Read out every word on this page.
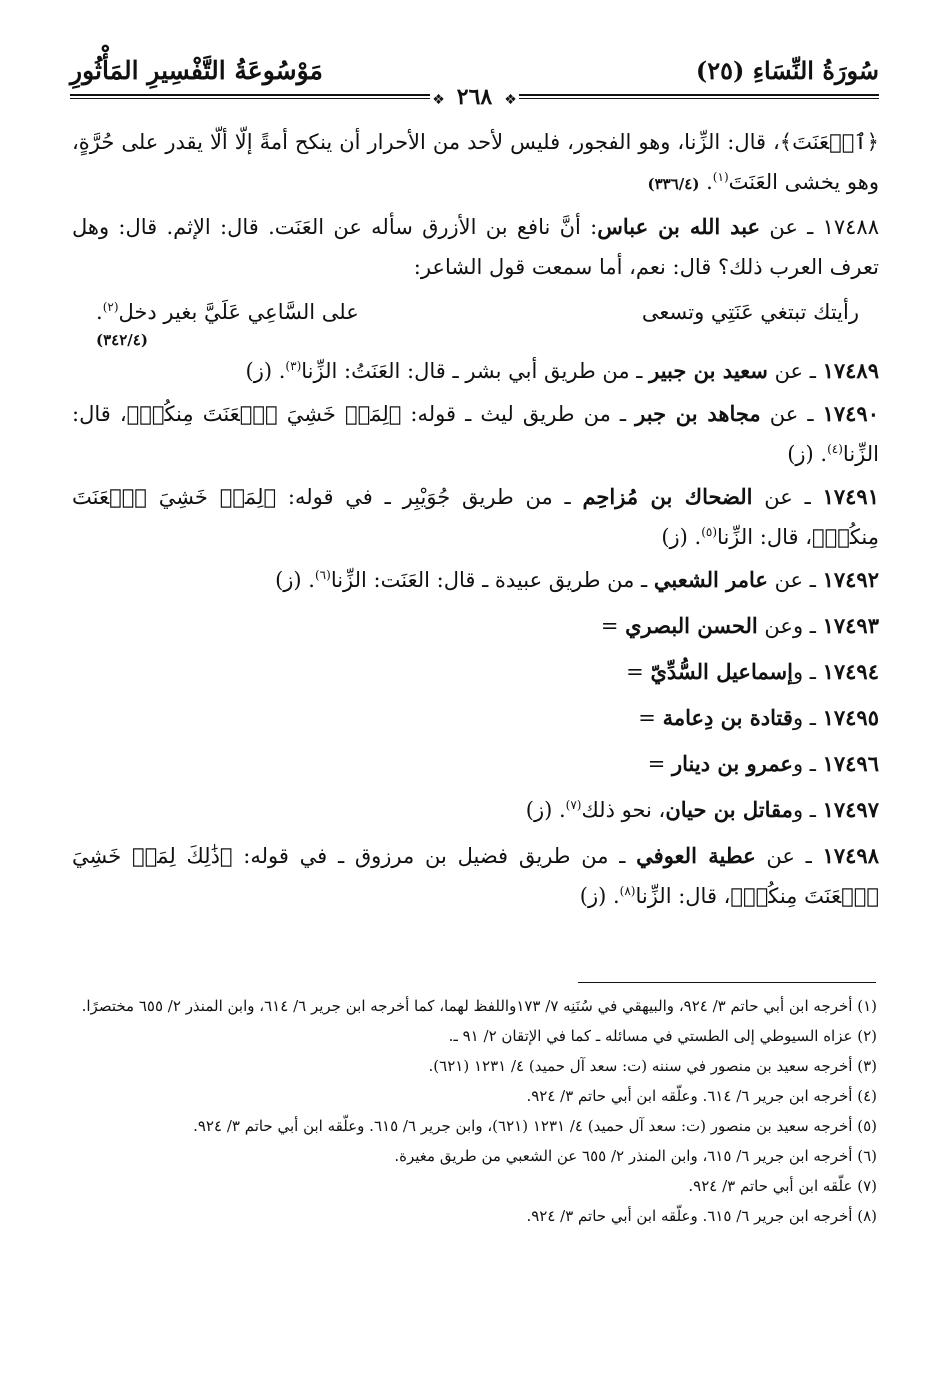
سُورَةُ النِّسَاءِ (٢٥)
مَوْسُوعَةُ التَّفْسِيرِ المَأْثُورِ
❖٢٦٨❖

﴿ٱلۡعَنَتَ﴾، قال: الزِّنا، وهو الفجور، فليس لأحد من الأحرار أن ينكح أمةً إلّا ألّا يقدر على حُرَّةٍ، وهو يخشى العَنَتَ$^{(١)}$. (٣٣٦/٤)

١٧٤٨٨ ـ عن عبد الله بن عباس: أنَّ نافع بن الأزرق سأله عن العَنَت. قال: الإثم. قال: وهل تعرف العرب ذلك؟ قال: نعم، أما سمعت قول الشاعر:

رأيتك تبتغي عَنَتِي وتسعى
على السَّاعِي عَلَيَّ بغير دخل$^{(٢)}$.
(٣٤٢/٤)

١٧٤٨٩ ـ عن سعيد بن جبير ـ من طريق أبي بشر ـ قال: العَنَتُ: الزِّنا$^{(٣)}$. (ز)

١٧٤٩٠ ـ عن مجاهد بن جبر ـ من طريق ليث ـ قوله: ﴿لِمَنۡ خَشِيَ ٱلۡعَنَتَ مِنكُمۡ﴾، قال: الزِّنا$^{(٤)}$. (ز)

١٧٤٩١ ـ عن الضحاك بن مُزاحِم ـ من طريق جُوَيْبِر ـ في قوله: ﴿لِمَنۡ خَشِيَ ٱلۡعَنَتَ مِنكُمۡ﴾، قال: الزِّنا$^{(٥)}$. (ز)

١٧٤٩٢ ـ عن عامر الشعبي ـ من طريق عبيدة ـ قال: العَنَت: الزِّنا$^{(٦)}$. (ز)

١٧٤٩٣ ـ وعن الحسن البصري =

١٧٤٩٤ ـ وإسماعيل السُّدِّيّ =

١٧٤٩٥ ـ وقتادة بن دِعامة =

١٧٤٩٦ ـ وعمرو بن دينار =

١٧٤٩٧ ـ ومقاتل بن حيان، نحو ذلك$^{(٧)}$. (ز)

١٧٤٩٨ ـ عن عطية العوفي ـ من طريق فضيل بن مرزوق ـ في قوله: ﴿ذَٰلِكَ لِمَنۡ خَشِيَ ٱلۡعَنَتَ مِنكُمۡ﴾، قال: الزِّنا$^{(٨)}$. (ز)

(١) أخرجه ابن أبي حاتم ٣/ ٩٢٤، والبيهقي في سُنَنِه ٧/ ١٧٣واللفظ لهما، كما أخرجه ابن جرير ٦/ ٦١٤، وابن المنذر ٢/ ٦٥٥ مختصرًا.

(٢) عزاه السيوطي إلى الطستي في مسائله ـ كما في الإتقان ٢/ ٩١ ـ.

(٣) أخرجه سعيد بن منصور في سننه (ت: سعد آل حميد) ٤/ ١٢٣١ (٦٢١).

(٤) أخرجه ابن جرير ٦/ ٦١٤. وعلّقه ابن أبي حاتم ٣/ ٩٢٤.

(٥) أخرجه سعيد بن منصور (ت: سعد آل حميد) ٤/ ١٢٣١ (٦٢١)، وابن جرير ٦/ ٦١٥. وعلّقه ابن أبي حاتم ٣/ ٩٢٤.

(٦) أخرجه ابن جرير ٦/ ٦١٥، وابن المنذر ٢/ ٦٥٥ عن الشعبي من طريق مغيرة.

(٧) علّقه ابن أبي حاتم ٣/ ٩٢٤.

(٨) أخرجه ابن جرير ٦/ ٦١٥. وعلّقه ابن أبي حاتم ٣/ ٩٢٤.
